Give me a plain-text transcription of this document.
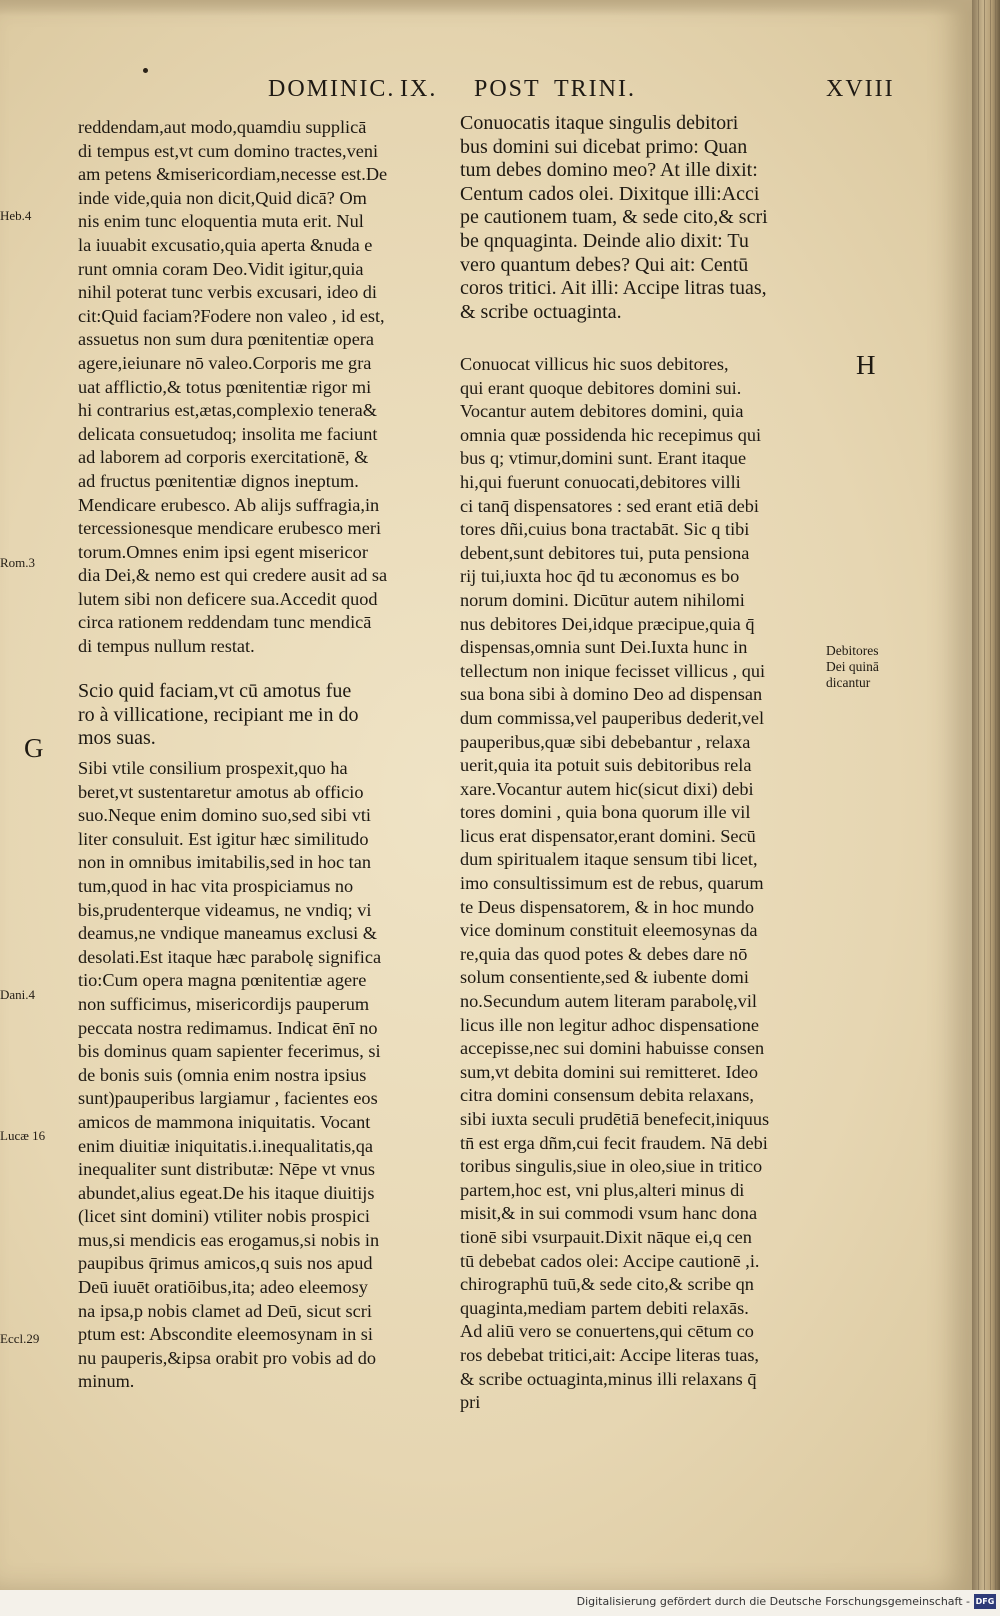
DOMINIC. IX. POST TRINI.	XVIII
reddendam,aut modo,quamdiu supplicā
di tempus est,vt cum domino tractes,veni
am petens &misericordiam,necesse est.De
inde vide,quia non dicit,Quid dicā? Om
nis enim tunc eloquentia muta erit. Nul
la iuuabit excusatio,quia aperta &nuda e
runt omnia coram Deo.Vidit igitur,quia
nihil poterat tunc verbis excusari, ideo di
cit:Quid faciam?Fodere non valeo , id est,
assuetus non sum dura pœnitentiæ opera
agere,ieiunare nō valeo.Corporis me gra
uat afflictio,& totus pœnitentiæ rigor mi
hi contrarius est,ætas,complexio tenera&
delicata consuetudoq; insolita me faciunt
ad laborem ad corporis exercitationē, &
ad fructus pœnitentiæ dignos ineptum.
Mendicare erubesco. Ab alijs suffragia,in
tercessionesque mendicare erubesco meri
torum.Omnes enim ipsi egent misericor
dia Dei,& nemo est qui credere ausit ad sa
lutem sibi non deficere sua.Accedit quod
circa rationem reddendam tunc mendicā
di tempus nullum restat.
Scio quid faciam,vt cū amotus fue
ro à villicatione, recipiant me in do
mos suas.
Sibi vtile consilium prospexit,quo ha
beret,vt sustentaretur amotus ab officio
suo.Neque enim domino suo,sed sibi vti
liter consuluit. Est igitur hæc similitudo
non in omnibus imitabilis,sed in hoc tan
tum,quod in hac vita prospiciamus no
bis,prudenterque videamus, ne vndiq; vi
deamus,ne vndique maneamus exclusi &
desolati.Est itaque hæc parabolę significa
tio:Cum opera magna pœnitentiæ agere
non sufficimus, misericordijs pauperum
peccata nostra redimamus. Indicat ēnī no
bis dominus quam sapienter fecerimus, si
de bonis suis (omnia enim nostra ipsius
sunt)pauperibus largiamur , facientes eos
amicos de mammona iniquitatis. Vocant
enim diuitiæ iniquitatis.i.inequalitatis,qa
inequaliter sunt distributæ: Nēpe vt vnus
abundet,alius egeat.De his itaque diuitijs
(licet sint domini) vtiliter nobis prospici
mus,si mendicis eas erogamus,si nobis in
paupibus q̄rimus amicos,q suis nos apud
Deū iuuēt oratiōibus,ita; adeo eleemosy
na ipsa,p nobis clamet ad Deū, sicut scri
ptum est: Abscondite eleemosynam in si
nu pauperis,&ipsa orabit pro vobis ad do
minum.
Conuocatis itaque singulis debitori
bus domini sui dicebat primo: Quan
tum debes domino meo? At ille dixit:
Centum cados olei. Dixitque illi:Acci
pe cautionem tuam, & sede cito,& scri
be qnquaginta. Deinde alio dixit: Tu
vero quantum debes? Qui ait: Centū
coros tritici. Ait illi: Accipe litras tuas,
& scribe octuaginta.
Conuocat villicus hic suos debitores,
qui erant quoque debitores domini sui.
Vocantur autem debitores domini, quia
omnia quæ possidenda hic recepimus qui
bus q; vtimur,domini sunt. Erant itaque
hi,qui fuerunt conuocati,debitores villi
ci tanq̄ dispensatores : sed erant etiā debi
tores dñi,cuius bona tractabāt. Sic q tibi
debent,sunt debitores tui, puta pensiona
rij tui,iuxta hoc q̄d tu æconomus es bo
norum domini. Dicūtur autem nihilomi
nus debitores Dei,idque præcipue,quia q̄
dispensas,omnia sunt Dei.Iuxta hunc in
tellectum non inique fecisset villicus , qui
sua bona sibi à domino Deo ad dispensan
dum commissa,vel pauperibus dederit,vel
pauperibus,quæ sibi debebantur , relaxa
uerit,quia ita potuit suis debitoribus rela
xare.Vocantur autem hic(sicut dixi) debi
tores domini , quia bona quorum ille vil
licus erat dispensator,erant domini. Secū
dum spiritualem itaque sensum tibi licet,
imo consultissimum est de rebus, quarum
te Deus dispensatorem, & in hoc mundo
vice dominum constituit eleemosynas da
re,quia das quod potes & debes dare nō
solum consentiente,sed & iubente domi
no.Secundum autem literam parabolę,vil
licus ille non legitur adhoc dispensatione
accepisse,nec sui domini habuisse consen
sum,vt debita domini sui remitteret. Ideo
citra domini consensum debita relaxans,
sibi iuxta seculi prudētiā benefecit,iniquus
tn̄ est erga dñm,cui fecit fraudem. Nā debi
toribus singulis,siue in oleo,siue in tritico
partem,hoc est, vni plus,alteri minus di
misit,& in sui commodi vsum hanc dona
tionē sibi vsurpauit.Dixit nāque ei,q cen
tū debebat cados olei: Accipe cautionē ,i.
chirographū tuū,& sede cito,& scribe qn
quaginta,mediam partem debiti relaxās.
Ad aliū vero se conuertens,qui cētum co
ros debebat tritici,ait: Accipe literas tuas,
& scribe octuaginta,minus illi relaxans q̄
pri
Heb.4
Rom.3
Dani.4
Lucæ 16
Eccl.29
G
H
Debitores
Dei quinā
dicantur
Digitalisierung gefördert durch die Deutsche Forschungsgemeinschaft - DFG
